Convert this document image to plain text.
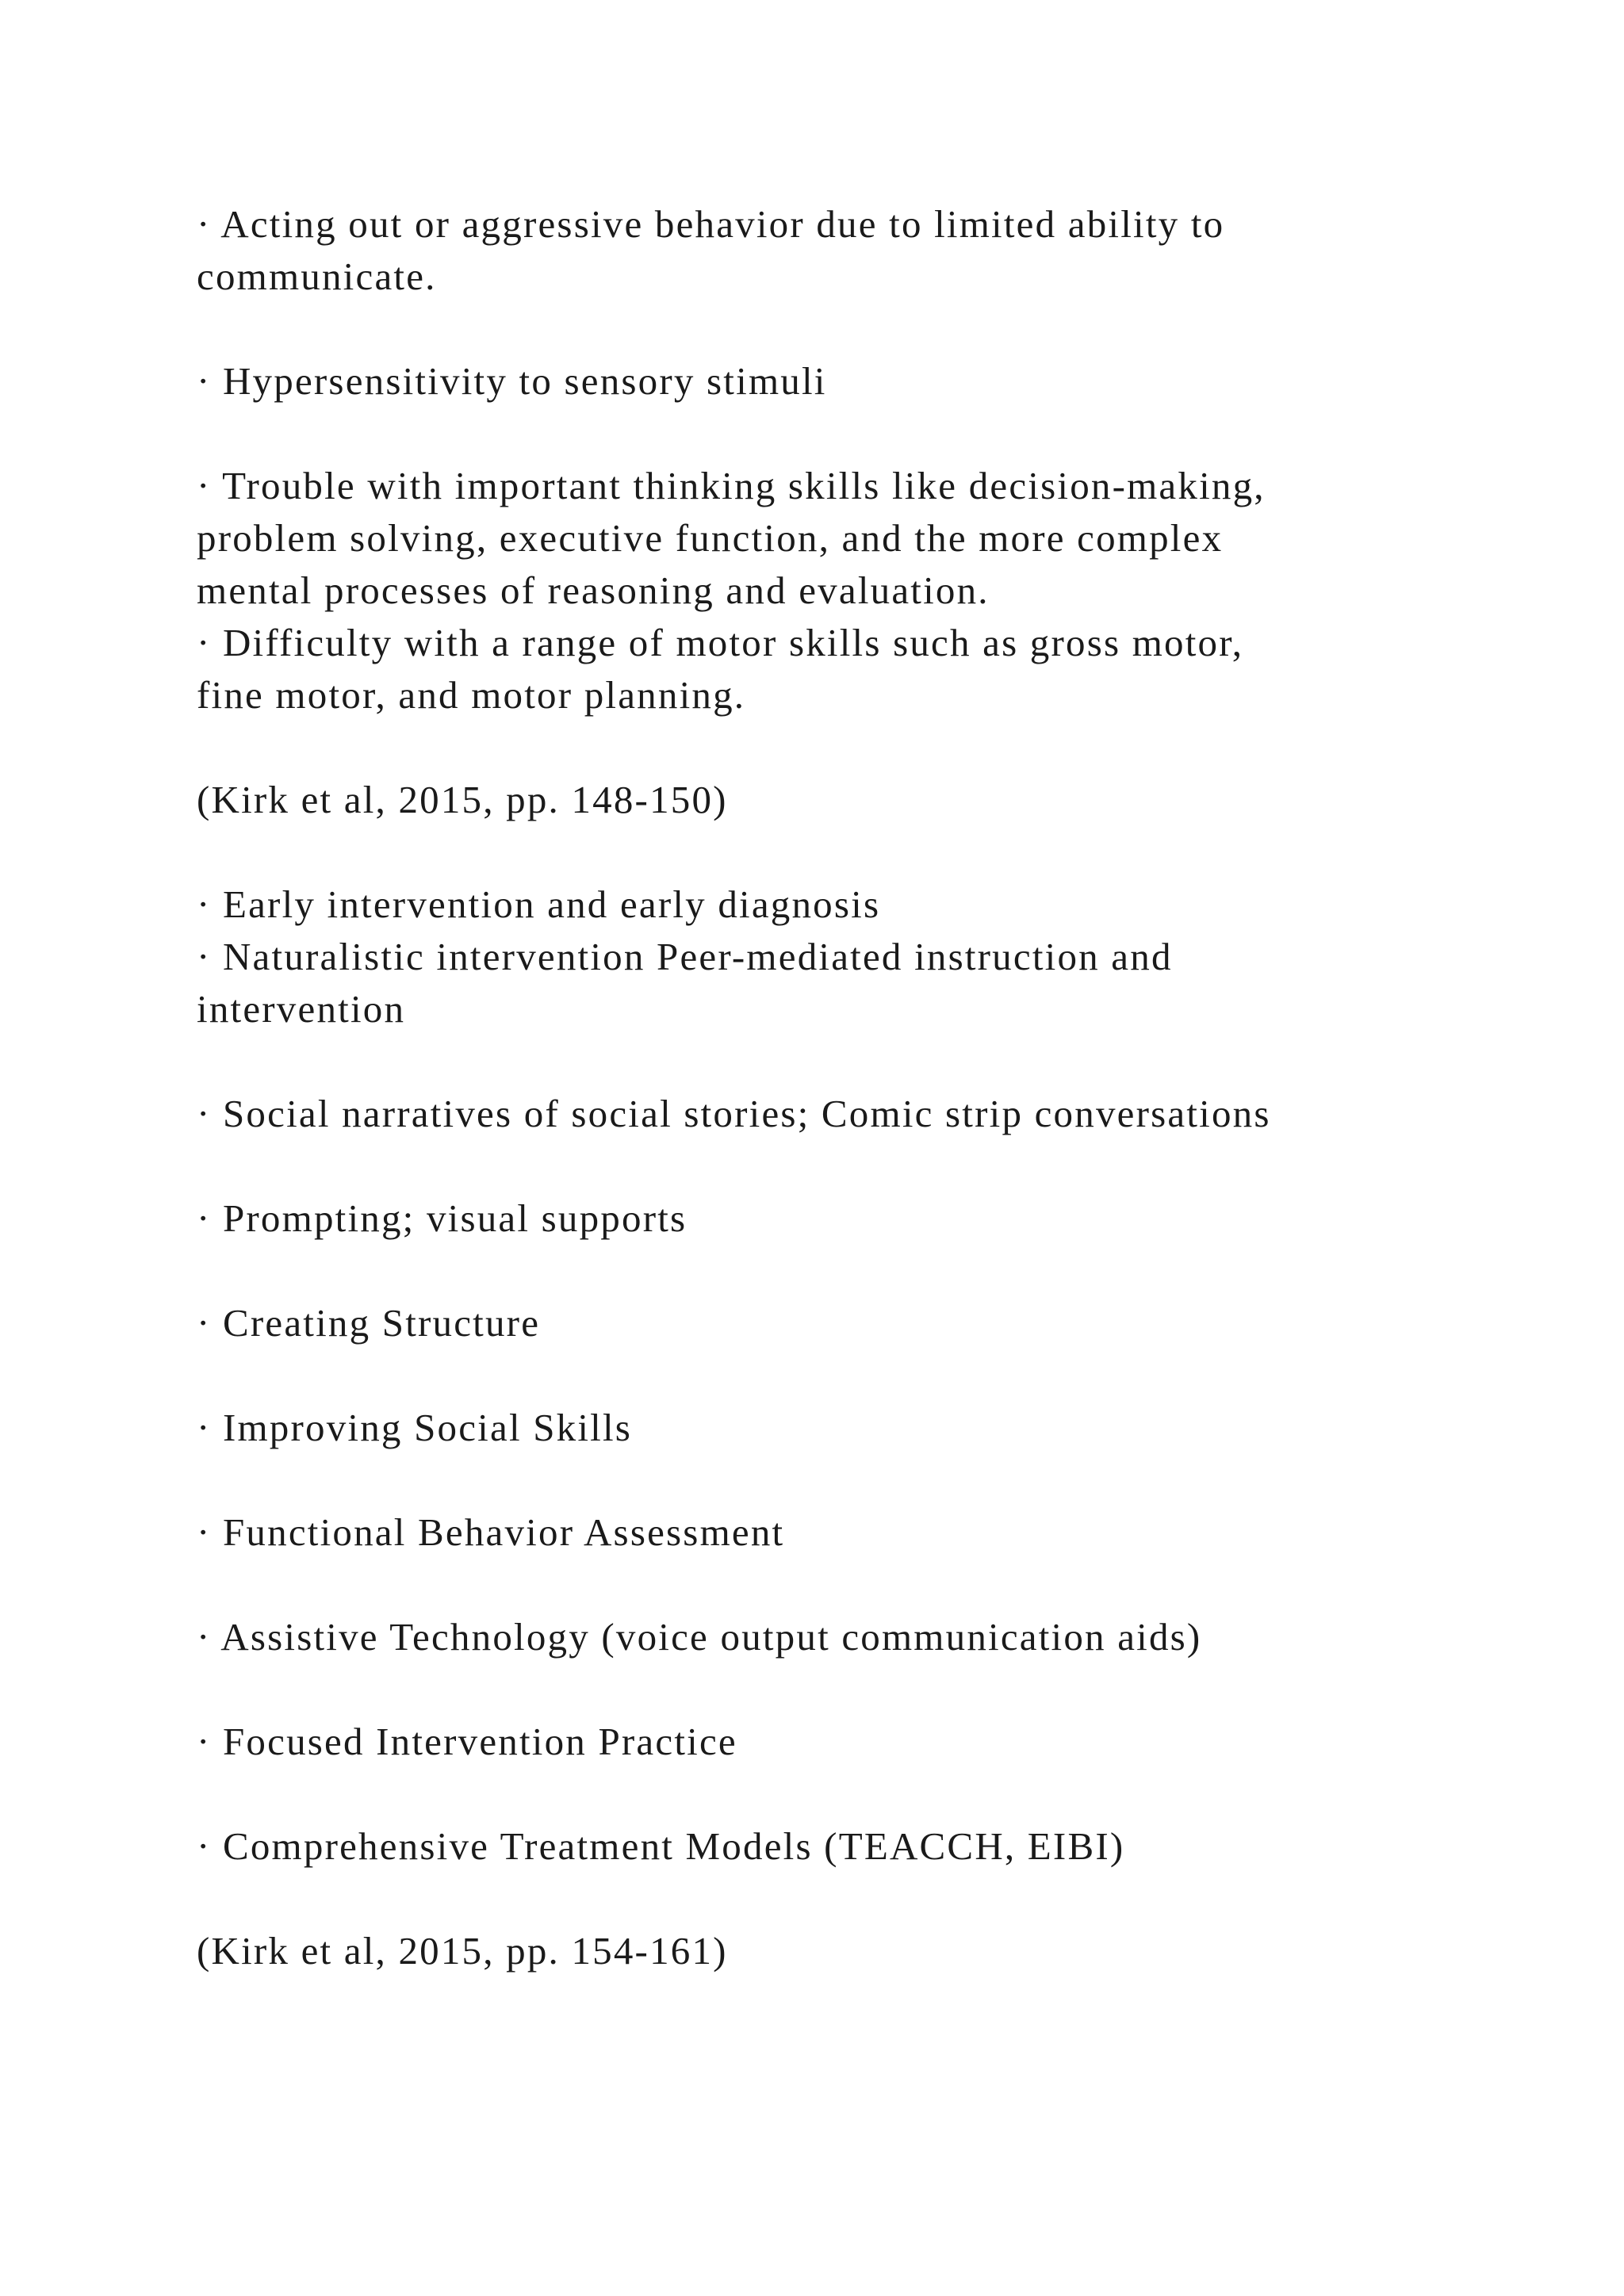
· Acting out or aggressive behavior due to limited ability to
communicate.
· Hypersensitivity to sensory stimuli
· Trouble with important thinking skills like decision-making,
problem solving, executive function, and the more complex
mental processes of reasoning and evaluation.
· Difficulty with a range of motor skills such as gross motor,
fine motor, and motor planning.
(Kirk et al, 2015, pp. 148-150)
· Early intervention and early diagnosis
· Naturalistic intervention Peer-mediated instruction and
intervention
· Social narratives of social stories; Comic strip conversations
· Prompting; visual supports
· Creating Structure
· Improving Social Skills
· Functional Behavior Assessment
· Assistive Technology (voice output communication aids)
· Focused Intervention Practice
· Comprehensive Treatment Models (TEACCH, EIBI)
(Kirk et al, 2015, pp. 154-161)
